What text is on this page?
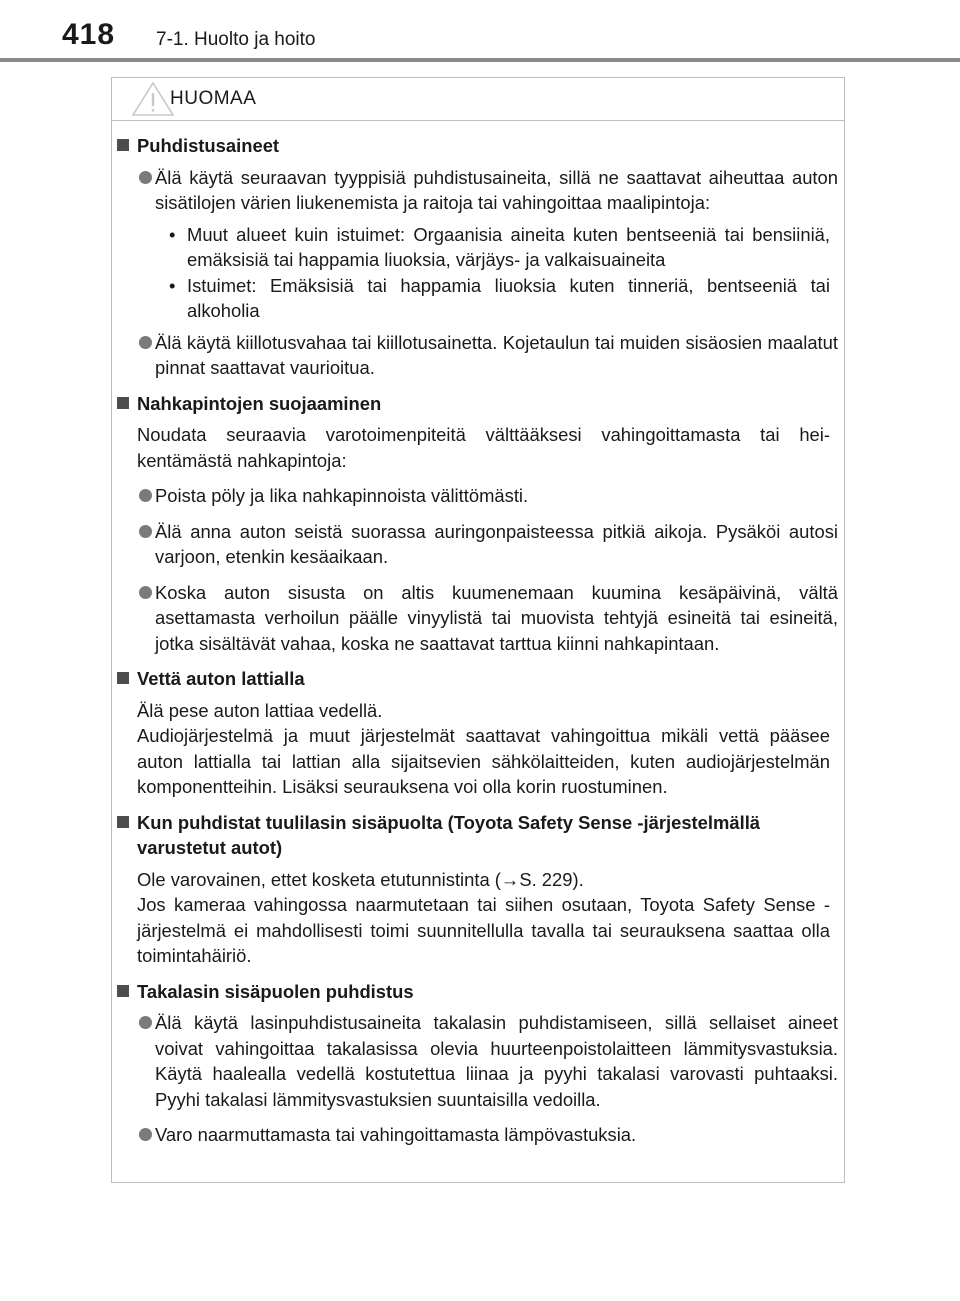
418 7-1. Huolto ja hoito
HUOMAA
Puhdistusaineet
Älä käytä seuraavan tyyppisiä puhdistusaineita, sillä ne saattavat aiheuttaa auton sisätilojen värien liukenemista ja raitoja tai vahingoittaa maalipintoja:
• Muut alueet kuin istuimet: Orgaanisia aineita kuten bentseeniä tai bensiiniä, emäksisiä tai happamia liuoksia, värjäys- ja valkaisuaineita
• Istuimet: Emäksisiä tai happamia liuoksia kuten tinneriä, bentseeniä tai alkoholia
Älä käytä kiillotusvahaa tai kiillotusainetta. Kojetaulun tai muiden sisäosien maalatut pinnat saattavat vaurioitua.
Nahkapintojen suojaaminen
Noudata seuraavia varotoimenpiteitä välttääksesi vahingoittamasta tai heikentämästä nahkapintoja:
Poista pöly ja lika nahkapinnoista välittömästi.
Älä anna auton seistä suorassa auringonpaisteessa pitkiä aikoja. Pysäköi autosi varjoon, etenkin kesäaikaan.
Koska auton sisusta on altis kuumenemaan kuumina kesäpäivinä, vältä asettamasta verhoilun päälle vinyylistä tai muovista tehtyjä esineitä tai esineitä, jotka sisältävät vahaa, koska ne saattavat tarttua kiinni nahkapintaan.
Vettä auton lattialla
Älä pese auton lattiaa vedellä.
Audiojärjestelmä ja muut järjestelmät saattavat vahingoittua mikäli vettä pääsee auton lattialla tai lattian alla sijaitsevien sähkölaitteiden, kuten audiojärjestelmän komponentteihin. Lisäksi seurauksena voi olla korin ruostuminen.
Kun puhdistat tuulilasin sisäpuolta (Toyota Safety Sense -järjestelmällä varustetut autot)
Ole varovainen, ettet kosketa etutunnistinta (→S. 229).
Jos kameraa vahingossa naarmutetaan tai siihen osutaan, Toyota Safety Sense -järjestelmä ei mahdollisesti toimi suunnitellulla tavalla tai seurauksena saattaa olla toimintahäiriö.
Takalasin sisäpuolen puhdistus
Älä käytä lasinpuhdistusaineita takalasin puhdistamiseen, sillä sellaiset aineet voivat vahingoittaa takalasissa olevia huurteenpoistolaitteen lämmitysvastuksia. Käytä haalealla vedellä kostutettua liinaa ja pyyhi takalasi varovasti puhtaaksi. Pyyhi takalasi lämmitysvastuksien suuntaisilla vedoilla.
Varo naarmuttamasta tai vahingoittamasta lämpövastuksia.
